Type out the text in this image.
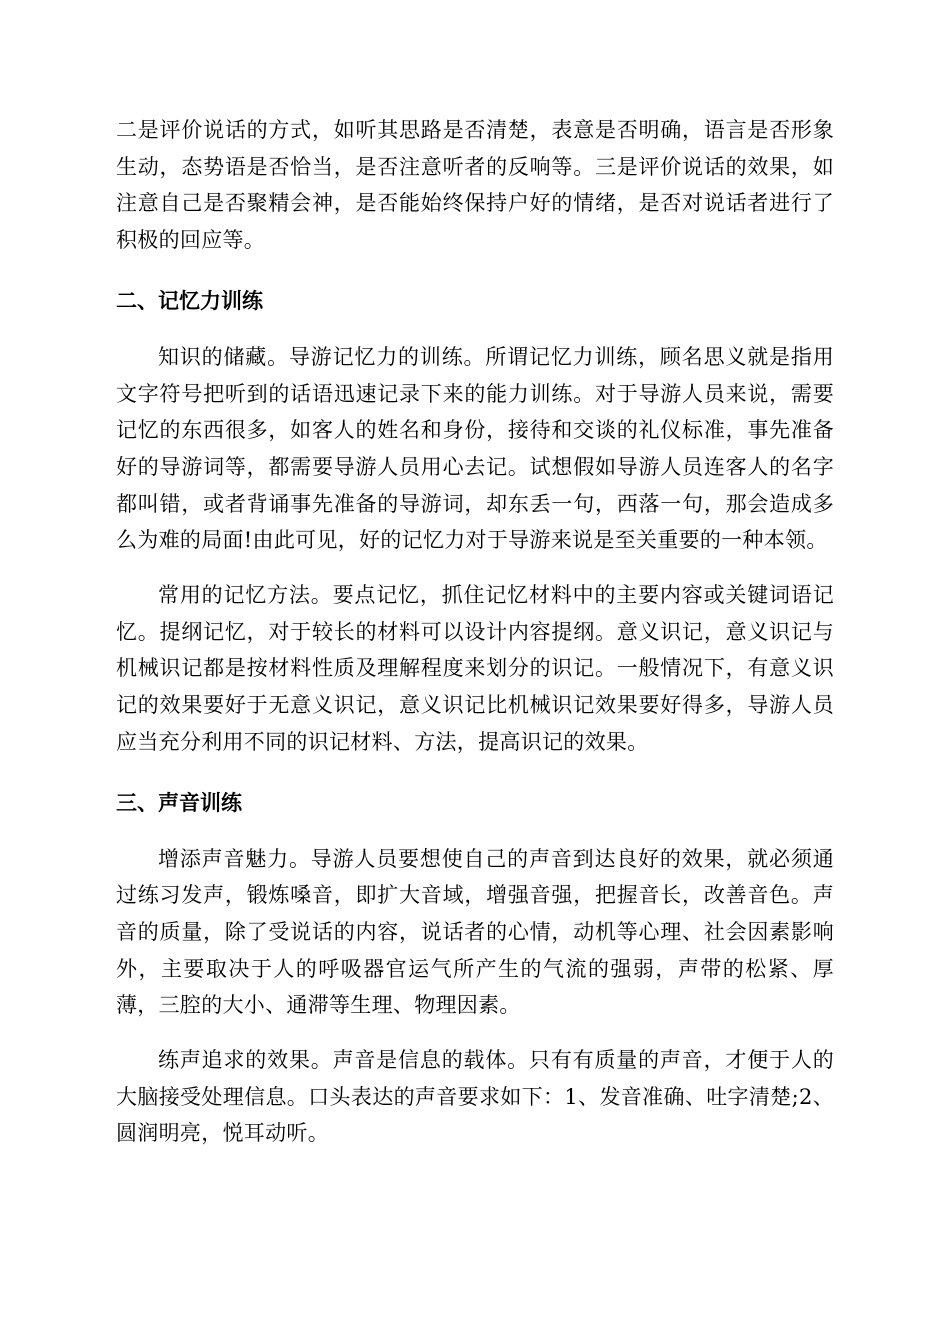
二是评价说话的方式，如听其思路是否清楚，表意是否明确，语言是否形象生动，态势语是否恰当，是否注意听者的反响等。三是评价说话的效果，如注意自己是否聚精会神，是否能始终保持户好的情绪，是否对说话者进行了积极的回应等。

二、记忆力训练

知识的储藏。导游记忆力的训练。所谓记忆力训练，顾名思义就是指用文字符号把听到的话语迅速记录下来的能力训练。对于导游人员来说，需要记忆的东西很多，如客人的姓名和身份，接待和交谈的礼仪标准，事先准备好的导游词等，都需要导游人员用心去记。试想假如导游人员连客人的名字都叫错，或者背诵事先准备的导游词，却东丢一句，西落一句，那会造成多么为难的局面!由此可见，好的记忆力对于导游来说是至关重要的一种本领。

常用的记忆方法。要点记忆，抓住记忆材料中的主要内容或关键词语记忆。提纲记忆，对于较长的材料可以设计内容提纲。意义识记，意义识记与机械识记都是按材料性质及理解程度来划分的识记。一般情况下，有意义识记的效果要好于无意义识记，意义识记比机械识记效果要好得多，导游人员应当充分利用不同的识记材料、方法，提高识记的效果。

三、声音训练

增添声音魅力。导游人员要想使自己的声音到达良好的效果，就必须通过练习发声，锻炼嗓音，即扩大音域，增强音强，把握音长，改善音色。声音的质量，除了受说话的内容，说话者的心情，动机等心理、社会因素影响外，主要取决于人的呼吸器官运气所产生的气流的强弱，声带的松紧、厚薄，三腔的大小、通滞等生理、物理因素。

练声追求的效果。声音是信息的载体。只有有质量的声音，才便于人的大脑接受处理信息。口头表达的声音要求如下：1、发音准确、吐字清楚;2、圆润明亮，悦耳动听。
